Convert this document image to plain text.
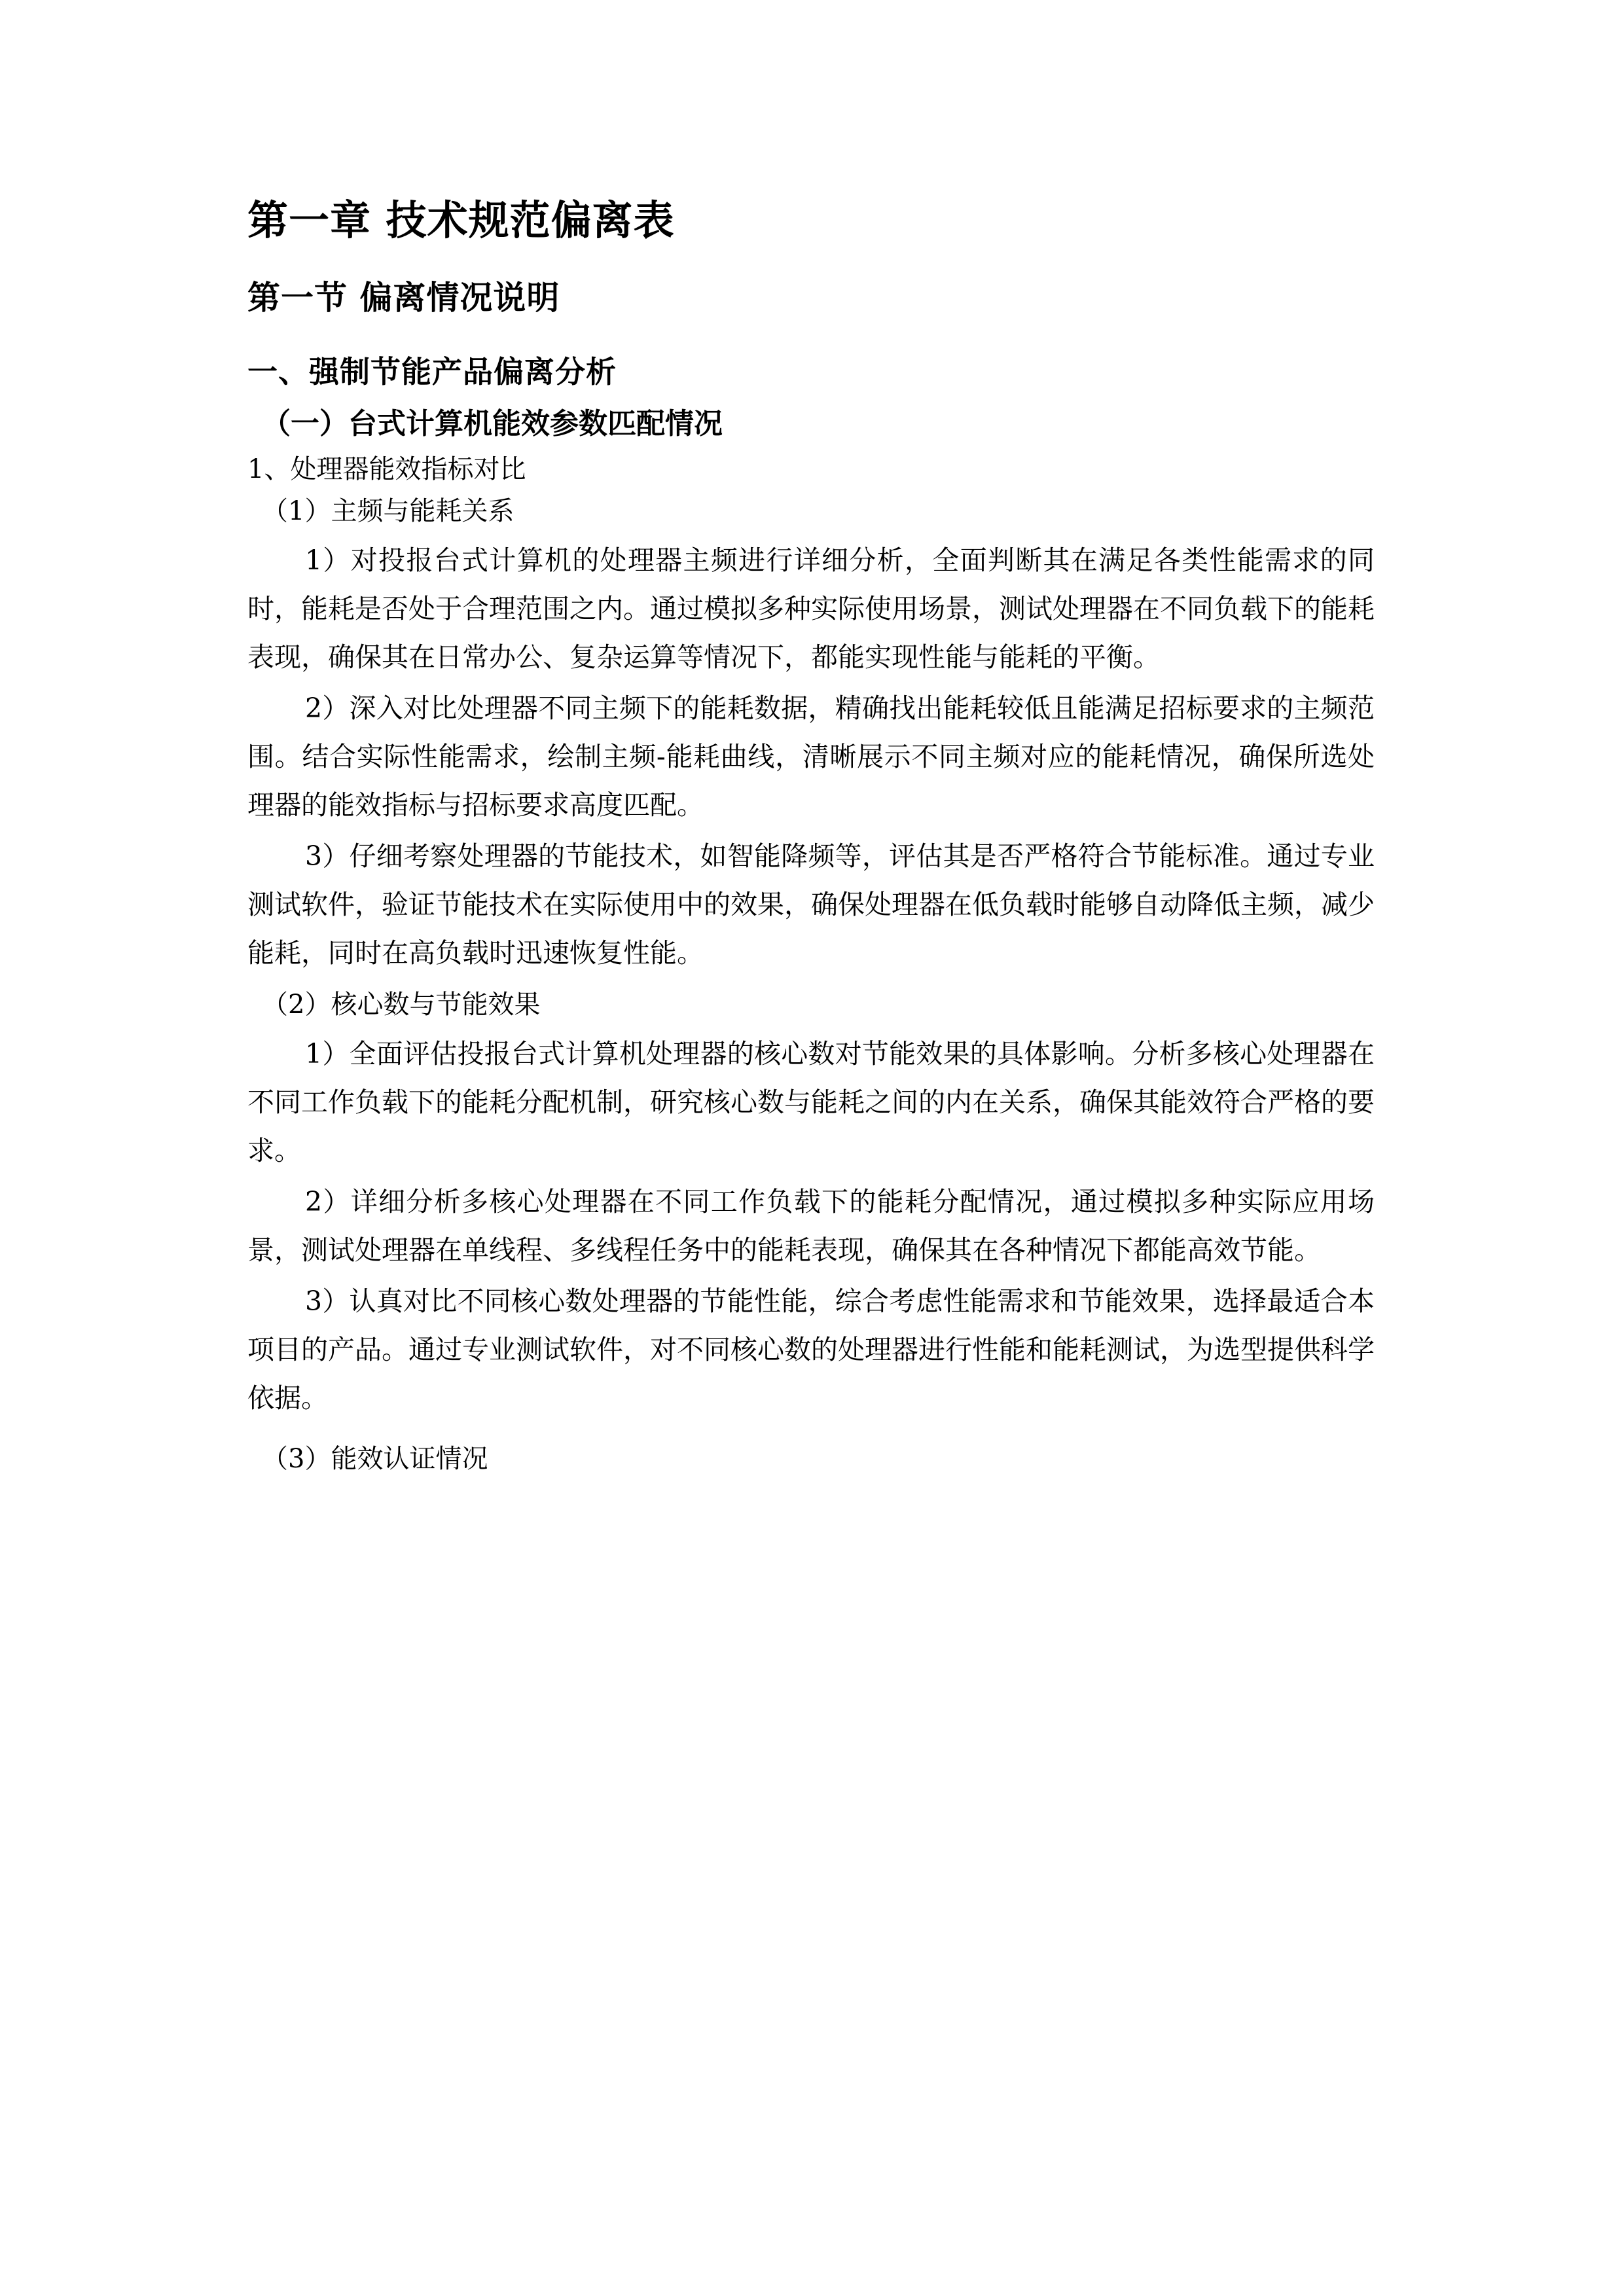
第一章 技术规范偏离表
第一节 偏离情况说明
一、强制节能产品偏离分析
（一）台式计算机能效参数匹配情况
1、处理器能效指标对比
（1）主频与能耗关系

1）对投报台式计算机的处理器主频进行详细分析，全面判断其在满足各类性能需求的同时，能耗是否处于合理范围之内。通过模拟多种实际使用场景，测试处理器在不同负载下的能耗表现，确保其在日常办公、复杂运算等情况下，都能实现性能与能耗的平衡。

2）深入对比处理器不同主频下的能耗数据，精确找出能耗较低且能满足招标要求的主频范围。结合实际性能需求，绘制主频-能耗曲线，清晰展示不同主频对应的能耗情况，确保所选处理器的能效指标与招标要求高度匹配。

3）仔细考察处理器的节能技术，如智能降频等，评估其是否严格符合节能标准。通过专业测试软件，验证节能技术在实际使用中的效果，确保处理器在低负载时能够自动降低主频，减少能耗，同时在高负载时迅速恢复性能。

（2）核心数与节能效果

1）全面评估投报台式计算机处理器的核心数对节能效果的具体影响。分析多核心处理器在不同工作负载下的能耗分配机制，研究核心数与能耗之间的内在关系，确保其能效符合严格的要求。

2）详细分析多核心处理器在不同工作负载下的能耗分配情况，通过模拟多种实际应用场景，测试处理器在单线程、多线程任务中的能耗表现，确保其在各种情况下都能高效节能。

3）认真对比不同核心数处理器的节能性能，综合考虑性能需求和节能效果，选择最适合本项目的产品。通过专业测试软件，对不同核心数的处理器进行性能和能耗测试，为选型提供科学依据。

（3）能效认证情况
